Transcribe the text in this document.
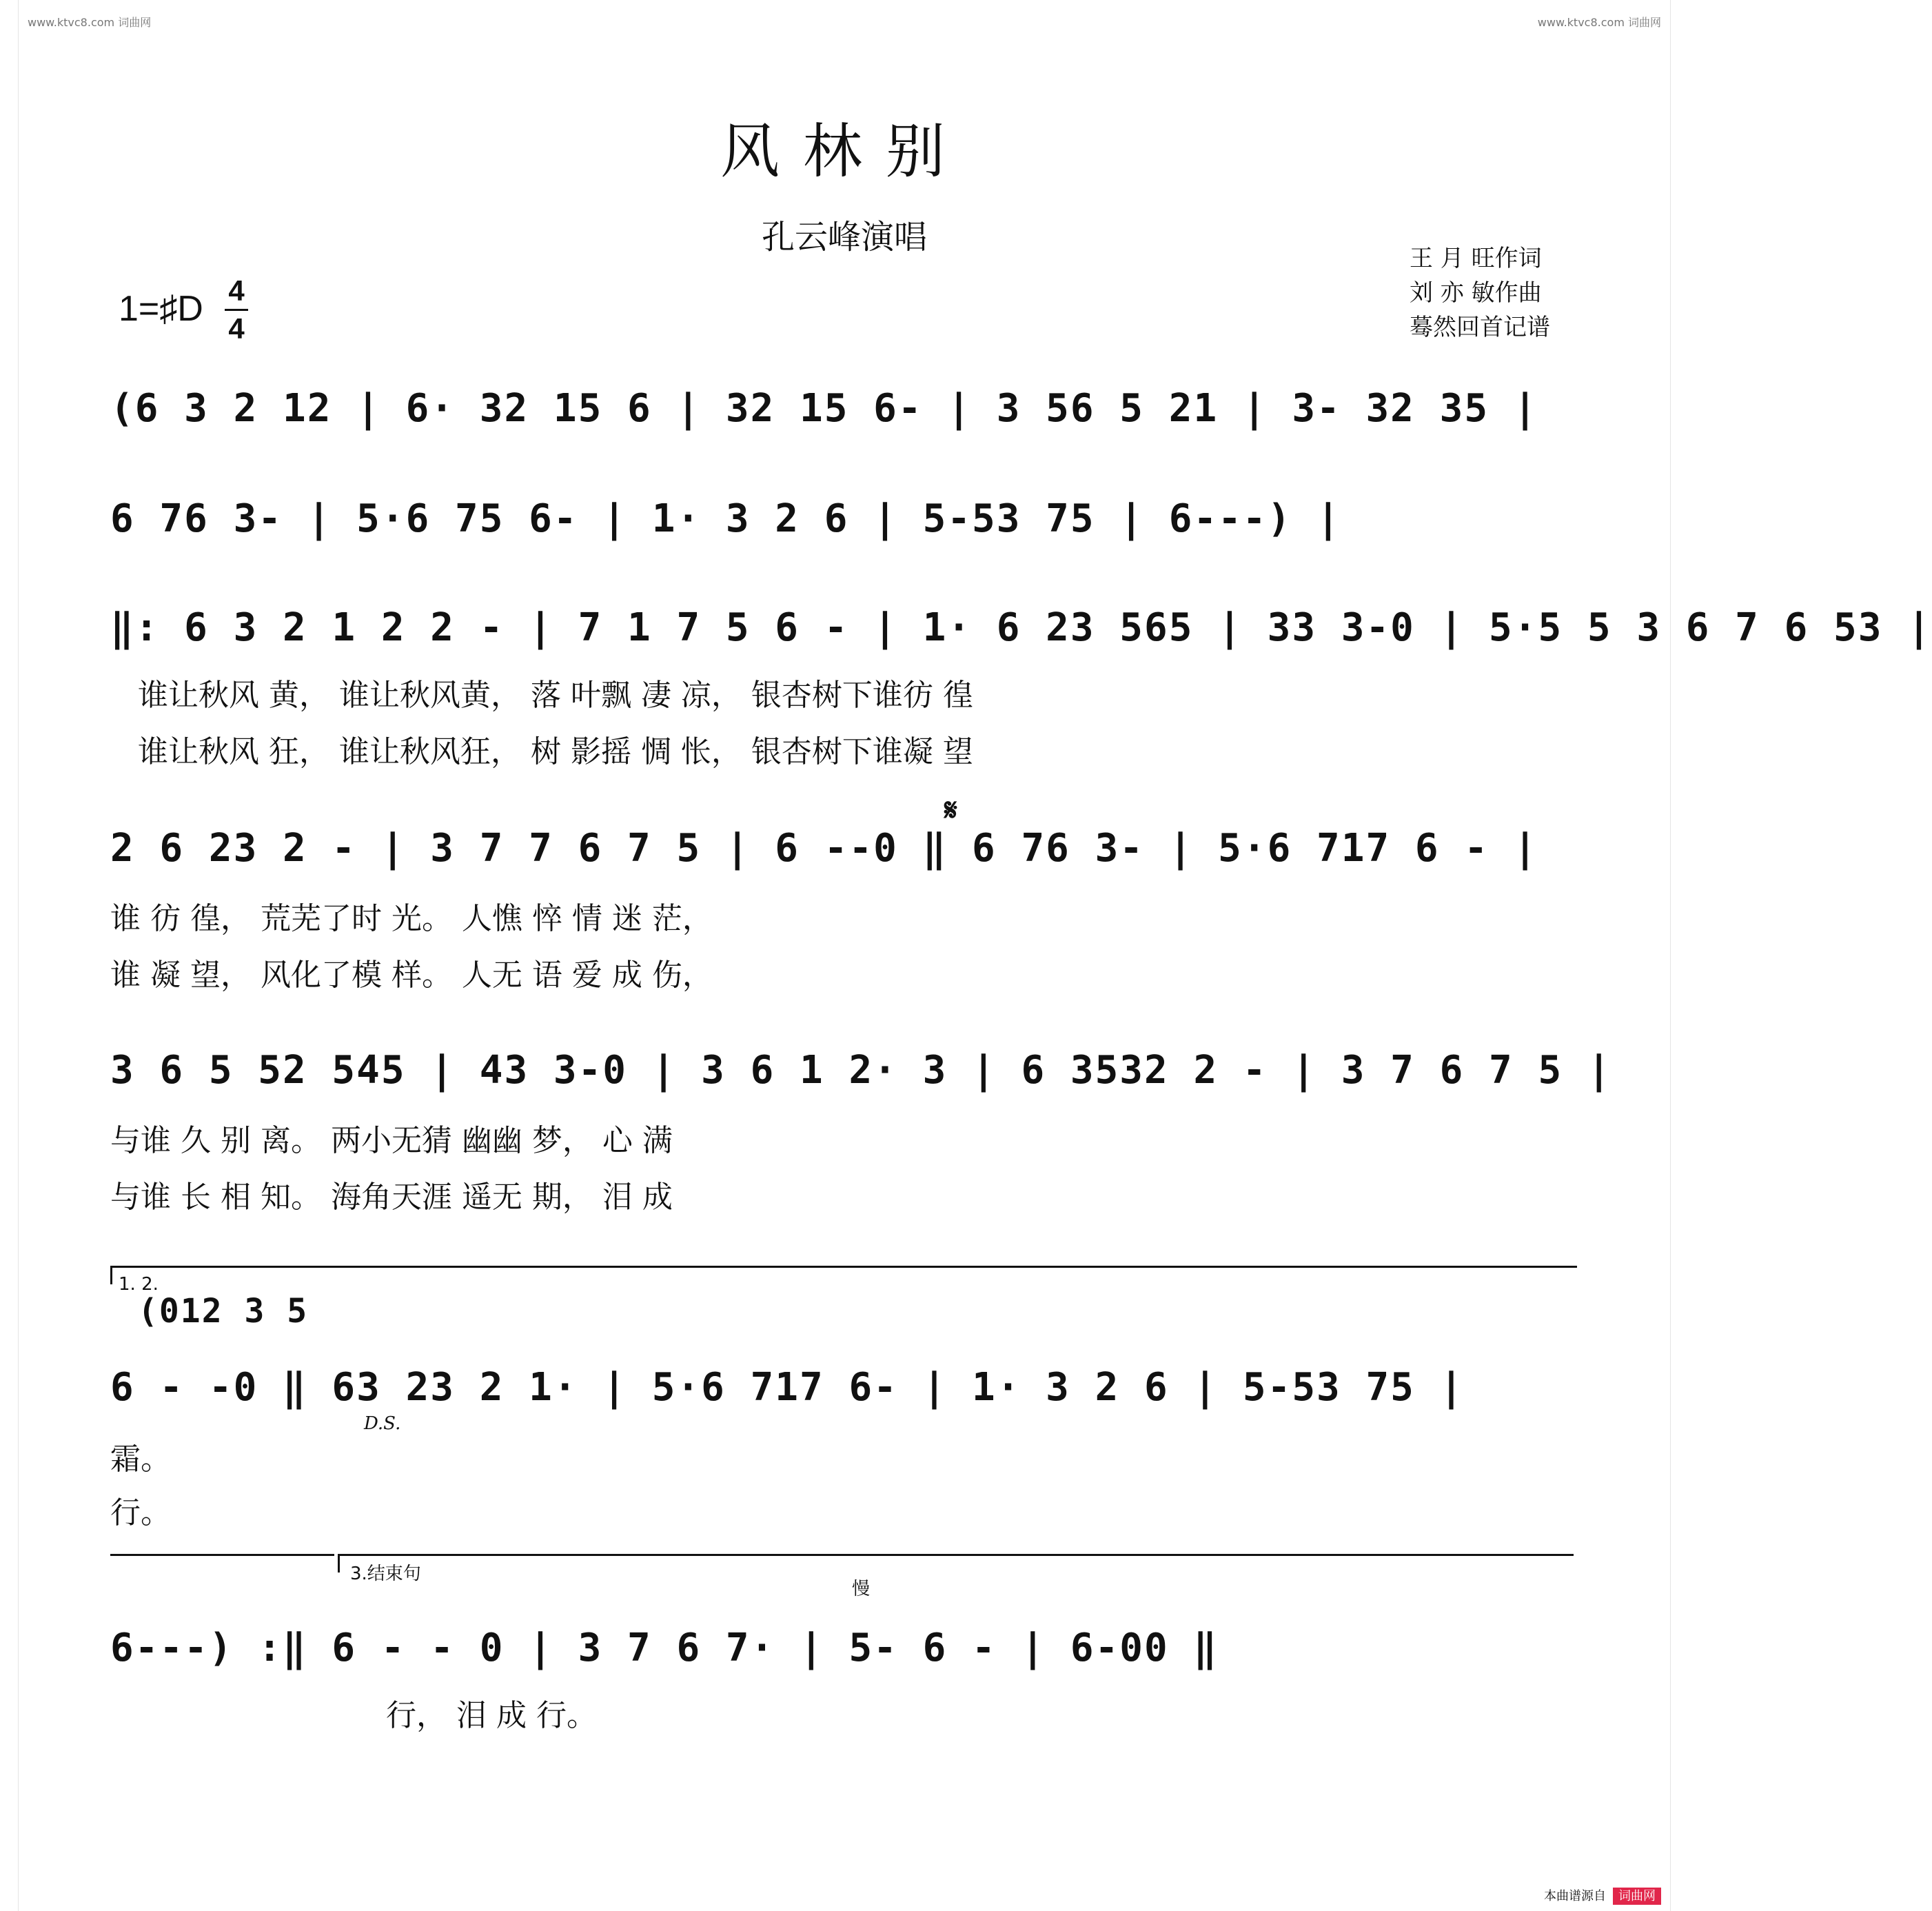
www.ktvc8.com 词曲网	www.ktvc8.com 词曲网
风林别
孔云峰演唱
王 月 旺作词
刘 亦 敏作曲
蓦然回首记谱
1=♯D 4
4
(6 3 2 12 | 6· 32 15 6 | 32 15 6- | 3 56 5 21 | 3- 32 35 |
6 76 3- | 5·6 75 6- | 1· 3 2 6 | 5-53 75 | 6---) |
‖: 6 3 2 1 2 2 - | 7 1 7 5 6 - | 1· 6 23 565 | 33 3-0 | 5·5 5 3 6 7 6 53 |
谁让秋风 黄， 谁让秋风黄， 落 叶飘 凄 凉， 银杏树下谁彷 徨
谁让秋风 狂， 谁让秋风狂， 树 影摇 惆 怅， 银杏树下谁凝 望
𝄋
2 6 23 2 - | 3 7 7 6 7 5 | 6 --0 ‖ 6 76 3- | 5·6 717 6 - |
谁 彷 徨， 荒芜了时 光。 人憔 悴 情 迷 茫，
谁 凝 望， 风化了模 样。 人无 语 爱 成 伤，
3 6 5 52 545 | 43 3-0 | 3 6 1 2· 3 | 6 3532 2 - | 3 7 6 7 5 |
与谁 久 别 离。 两小无猜 幽幽 梦， 心 满
与谁 长 相 知。 海角天涯 遥无 期， 泪 成
1. 2.
(012 3 5
6 - -0 ‖ 63 23 2 1· | 5·6 717 6- | 1· 3 2 6 | 5-53 75 |
D.S.
霜。
行。
3.结束句
慢
6---) :‖ 6 - - 0 | 3 7 6 7· | 5- 6 - | 6-00 ‖
行， 泪 成 行。
本曲谱源自 词曲网
